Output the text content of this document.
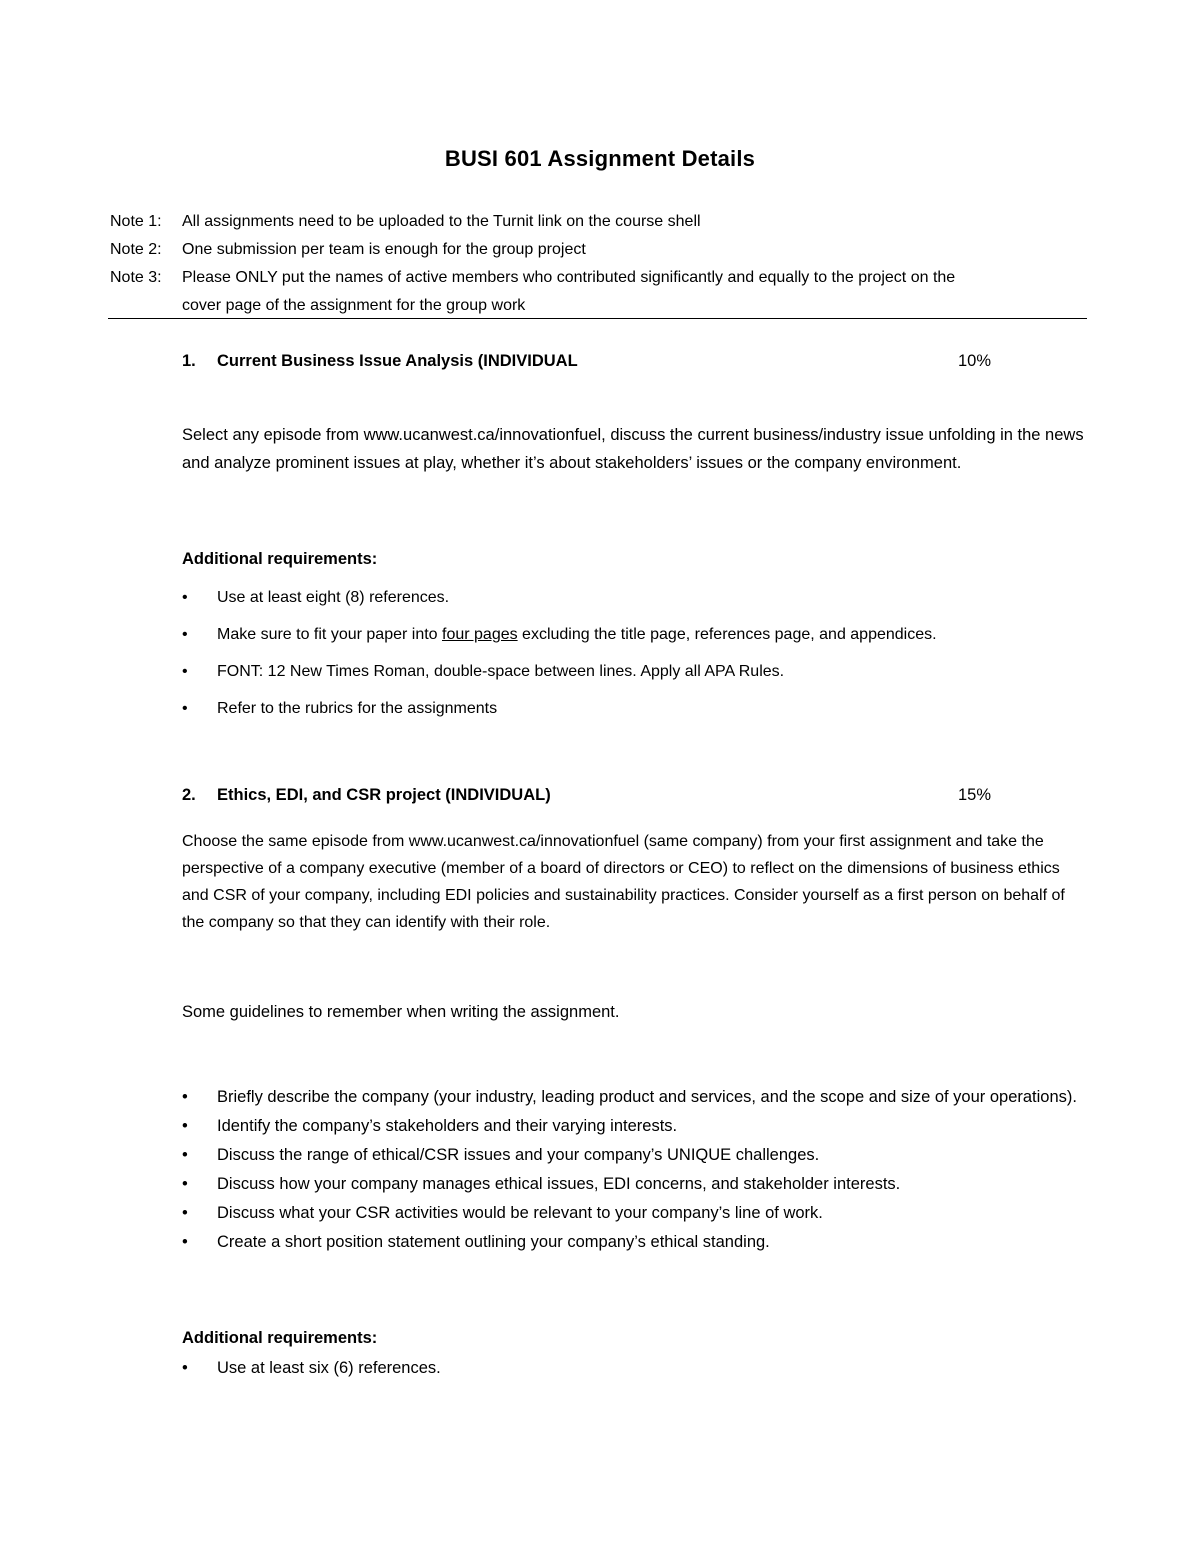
BUSI 601 Assignment Details
Note 1:	All assignments need to be uploaded to the Turnit link on the course shell
Note 2:	One submission per team is enough for the group project
Note 3:	Please ONLY put the names of active members who contributed significantly and equally to the project on the
cover page of the assignment for the group work
1.	Current Business Issue Analysis (INDIVIDUAL	10%
Select any episode from www.ucanwest.ca/innovationfuel, discuss the current business/industry issue unfolding in the news and analyze prominent issues at play, whether it’s about stakeholders’ issues or the company environment.
Additional requirements:
• Use at least eight (8) references.
• Make sure to fit your paper into four pages excluding the title page, references page, and appendices.
• FONT: 12 New Times Roman, double-space between lines. Apply all APA Rules.
• Refer to the rubrics for the assignments
2.	Ethics, EDI, and CSR project (INDIVIDUAL)	15%
Choose the same episode from www.ucanwest.ca/innovationfuel (same company) from your first assignment and take the perspective of a company executive (member of a board of directors or CEO) to reflect on the dimensions of business ethics and CSR of your company, including EDI policies and sustainability practices. Consider yourself as a first person on behalf of the company so that they can identify with their role.
Some guidelines to remember when writing the assignment.
• Briefly describe the company (your industry, leading product and services, and the scope and size of your operations).
• Identify the company’s stakeholders and their varying interests.
• Discuss the range of ethical/CSR issues and your company’s UNIQUE challenges.
• Discuss how your company manages ethical issues, EDI concerns, and stakeholder interests.
• Discuss what your CSR activities would be relevant to your company’s line of work.
• Create a short position statement outlining your company’s ethical standing.
Additional requirements:
• Use at least six (6) references.
